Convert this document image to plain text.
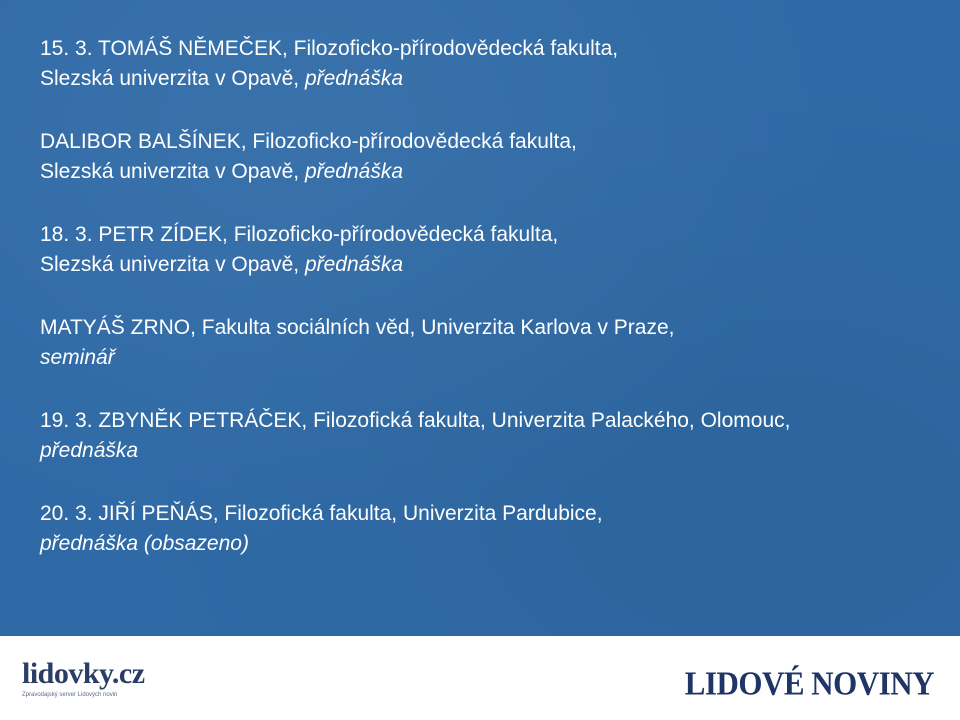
15. 3. TOMÁŠ NĚMEČEK, Filozoficko-přírodovědecká fakulta,
Slezská univerzita v Opavě, přednáška
DALIBOR BALŠÍNEK, Filozoficko-přírodovědecká fakulta,
Slezská univerzita v Opavě, přednáška
18. 3. PETR ZÍDEK, Filozoficko-přírodovědecká fakulta,
Slezská univerzita v Opavě, přednáška
MATYÁŠ ZRNO, Fakulta sociálních věd, Univerzita Karlova v Praze,
seminář
19. 3. ZBYNĚK PETRÁČEK, Filozofická fakulta, Univerzita Palackého, Olomouc,
přednáška
20. 3. JIŘÍ PEŇÁS, Filozofická fakulta, Univerzita Pardubice,
přednáška (obsazeno)
lidovky.cz
Zpravodajský server Lidových novin	LIDOVÉ NOVINY
